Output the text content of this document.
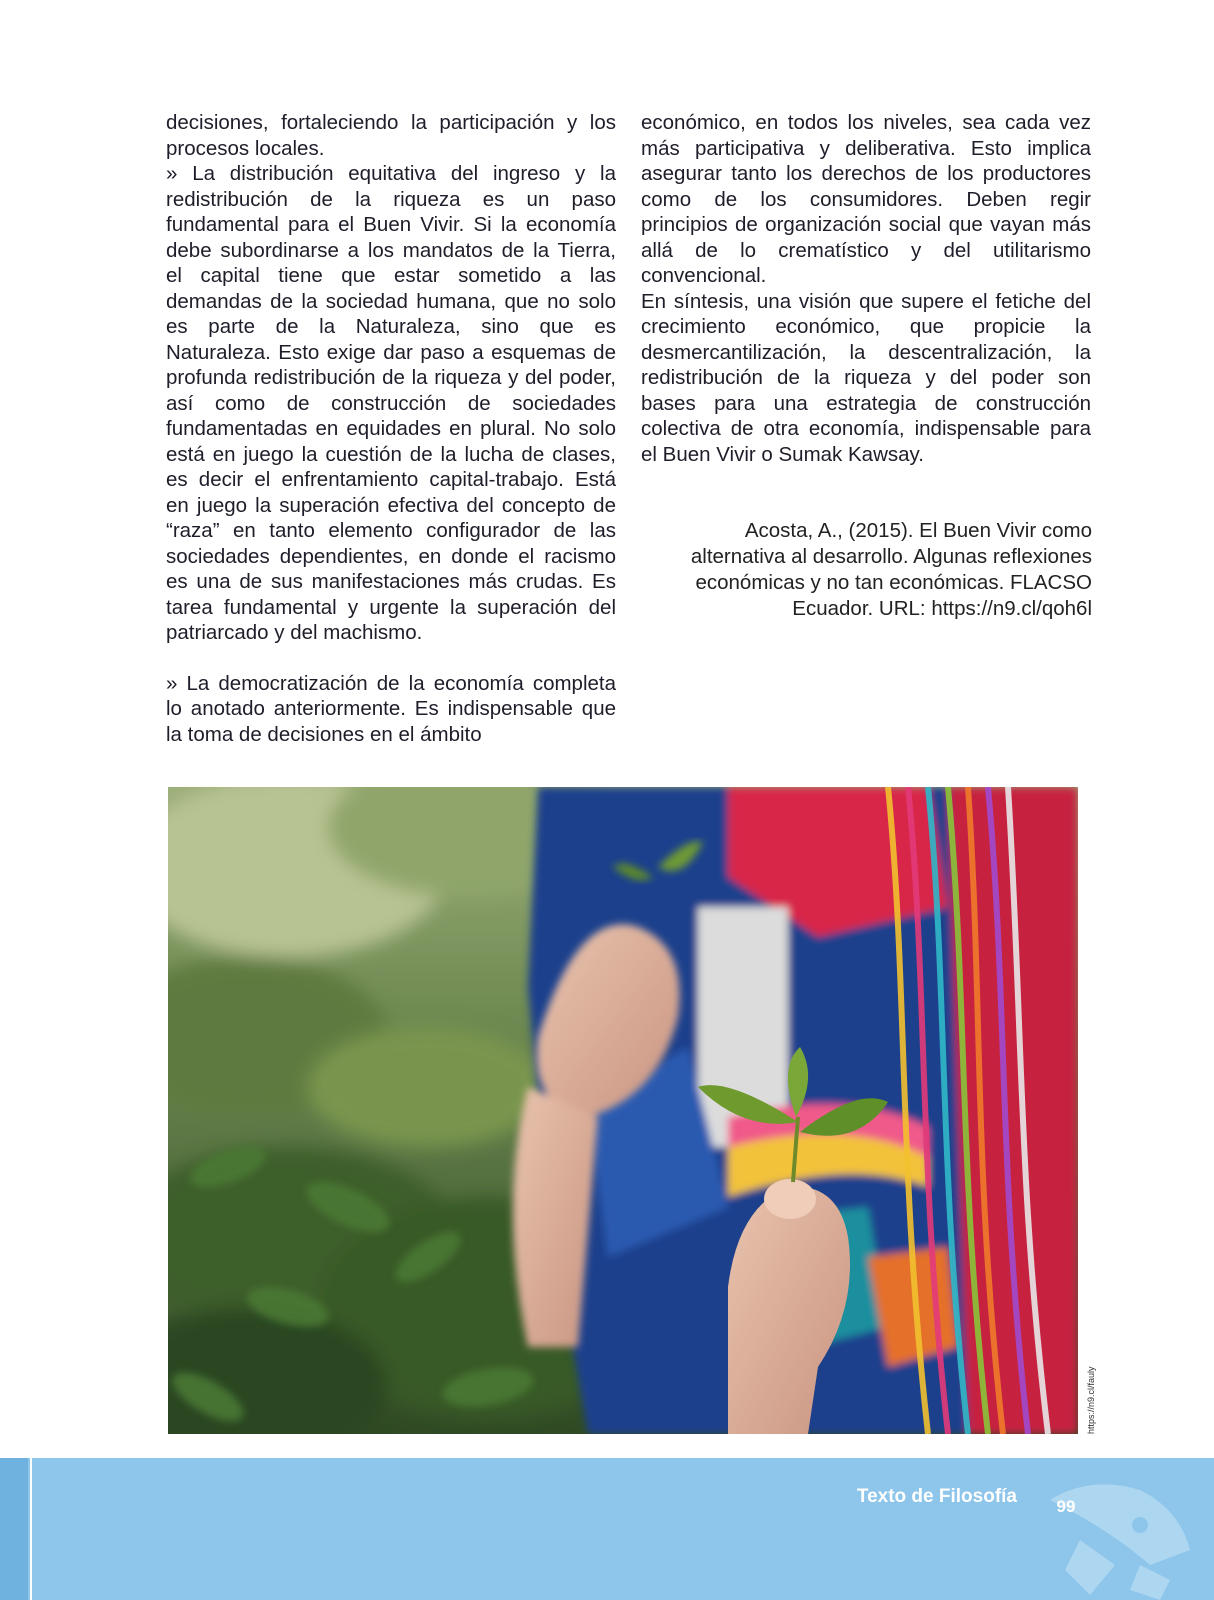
decisiones, fortaleciendo la participación y los procesos locales.

» La distribución equitativa del ingreso y la redistribución de la riqueza es un paso fundamental para el Buen Vivir. Si la economía debe subordinarse a los mandatos de la Tierra, el capital tiene que estar sometido a las demandas de la sociedad humana, que no solo es parte de la Naturaleza, sino que es Naturaleza. Esto exige dar paso a esquemas de profunda redistribución de la riqueza y del poder, así como de construcción de sociedades fundamentadas en equidades en plural. No solo está en juego la cuestión de la lucha de clases, es decir el enfrentamiento capital-trabajo. Está en juego la superación efectiva del concepto de “raza” en tanto elemento configurador de las sociedades dependientes, en donde el racismo es una de sus manifestaciones más crudas. Es tarea fundamental y urgente la superación del patriarcado y del machismo.

» La democratización de la economía completa lo anotado anteriormente. Es indispensable que la toma de decisiones en el ámbito

económico, en todos los niveles, sea cada vez más participativa y deliberativa. Esto implica asegurar tanto los derechos de los productores como de los consumidores. Deben regir principios de organización social que vayan más allá de lo crematístico y del utilitarismo convencional.

En síntesis, una visión que supere el fetiche del crecimiento económico, que propicie la desmercantilización, la descentralización, la redistribución de la riqueza y del poder son bases para una estrategia de construcción colectiva de otra economía, indispensable para el Buen Vivir o Sumak Kawsay.

Acosta, A., (2015). El Buen Vivir como
alternativa al desarrollo. Algunas reflexiones
económicas y no tan económicas. FLACSO
Ecuador. URL: https://n9.cl/qoh6l
https://n9.cl/fauly
Texto de Filosofía	99
